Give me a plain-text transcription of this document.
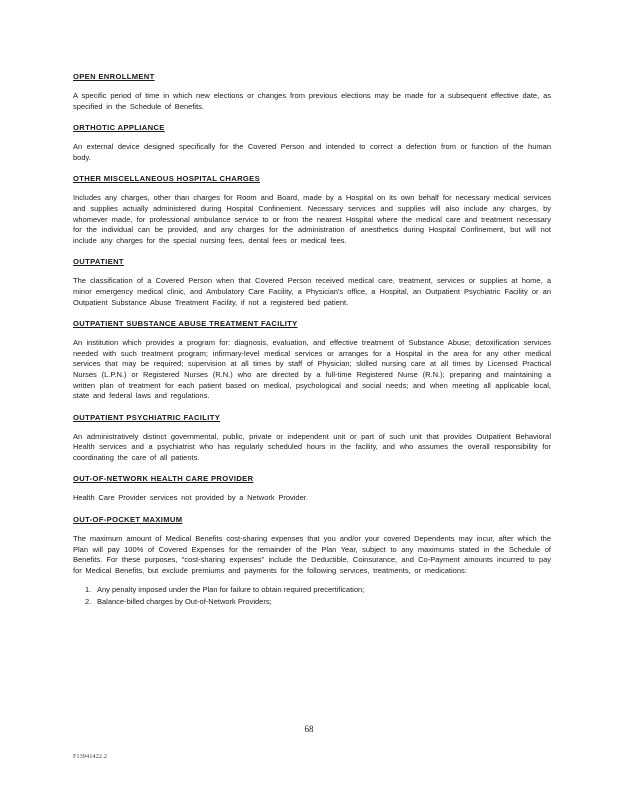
OPEN ENROLLMENT

A specific period of time in which new elections or changes from previous elections may be made for a subsequent effective date, as specified in the Schedule of Benefits.

ORTHOTIC APPLIANCE

An external device designed specifically for the Covered Person and intended to correct a defection from or function of the human body.

OTHER MISCELLANEOUS HOSPITAL CHARGES

Includes any charges, other than charges for Room and Board, made by a Hospital on its own behalf for necessary medical services and supplies actually administered during Hospital Confinement. Necessary services and supplies will also include any charges, by whomever made, for professional ambulance service to or from the nearest Hospital where the medical care and treatment necessary for the individual can be provided, and any charges for the administration of anesthetics during Hospital Confinement, but will not include any charges for the special nursing fees, dental fees or medical fees.

OUTPATIENT

The classification of a Covered Person when that Covered Person received medical care, treatment, services or supplies at home, a minor emergency medical clinic, and Ambulatory Care Facility, a Physician's office, a Hospital, an Outpatient Psychiatric Facility or an Outpatient Substance Abuse Treatment Facility, if not a registered bed patient.

OUTPATIENT SUBSTANCE ABUSE TREATMENT FACILITY

An institution which provides a program for: diagnosis, evaluation, and effective treatment of Substance Abuse; detoxification services needed with such treatment program; infirmary-level medical services or arranges for a Hospital in the area for any other medical services that may be required; supervision at all times by staff of Physician; skilled nursing care at all times by Licensed Practical Nurses (L.P.N.) or Registered Nurses (R.N.) who are directed by a full-time Registered Nurse (R.N.); preparing and maintaining a written plan of treatment for each patient based on medical, psychological and social needs; and when meeting all applicable local, state and federal laws and regulations.

OUTPATIENT PSYCHIATRIC FACILITY

An administratively distinct governmental, public, private or independent unit or part of such unit that provides Outpatient Behavioral Health services and a psychiatrist who has regularly scheduled hours in the facility, and who assumes the overall responsibility for coordinating the care of all patients.

OUT-OF-NETWORK HEALTH CARE PROVIDER

Health Care Provider services not provided by a Network Provider.

OUT-OF-POCKET MAXIMUM

The maximum amount of Medical Benefits cost-sharing expenses that you and/or your covered Dependents may incur, after which the Plan will pay 100% of Covered Expenses for the remainder of the Plan Year, subject to any maximums stated in the Schedule of Benefits. For these purposes, "cost-sharing expenses" include the Deductible, Coinsurance, and Co-Payment amounts incurred to pay for Medical Benefits, but exclude premiums and payments for the following services, treatments, or medications:

1. Any penalty imposed under the Plan for failure to obtain required precertification;
2. Balance-billed charges by Out-of-Network Providers;
68
F13941422.2
